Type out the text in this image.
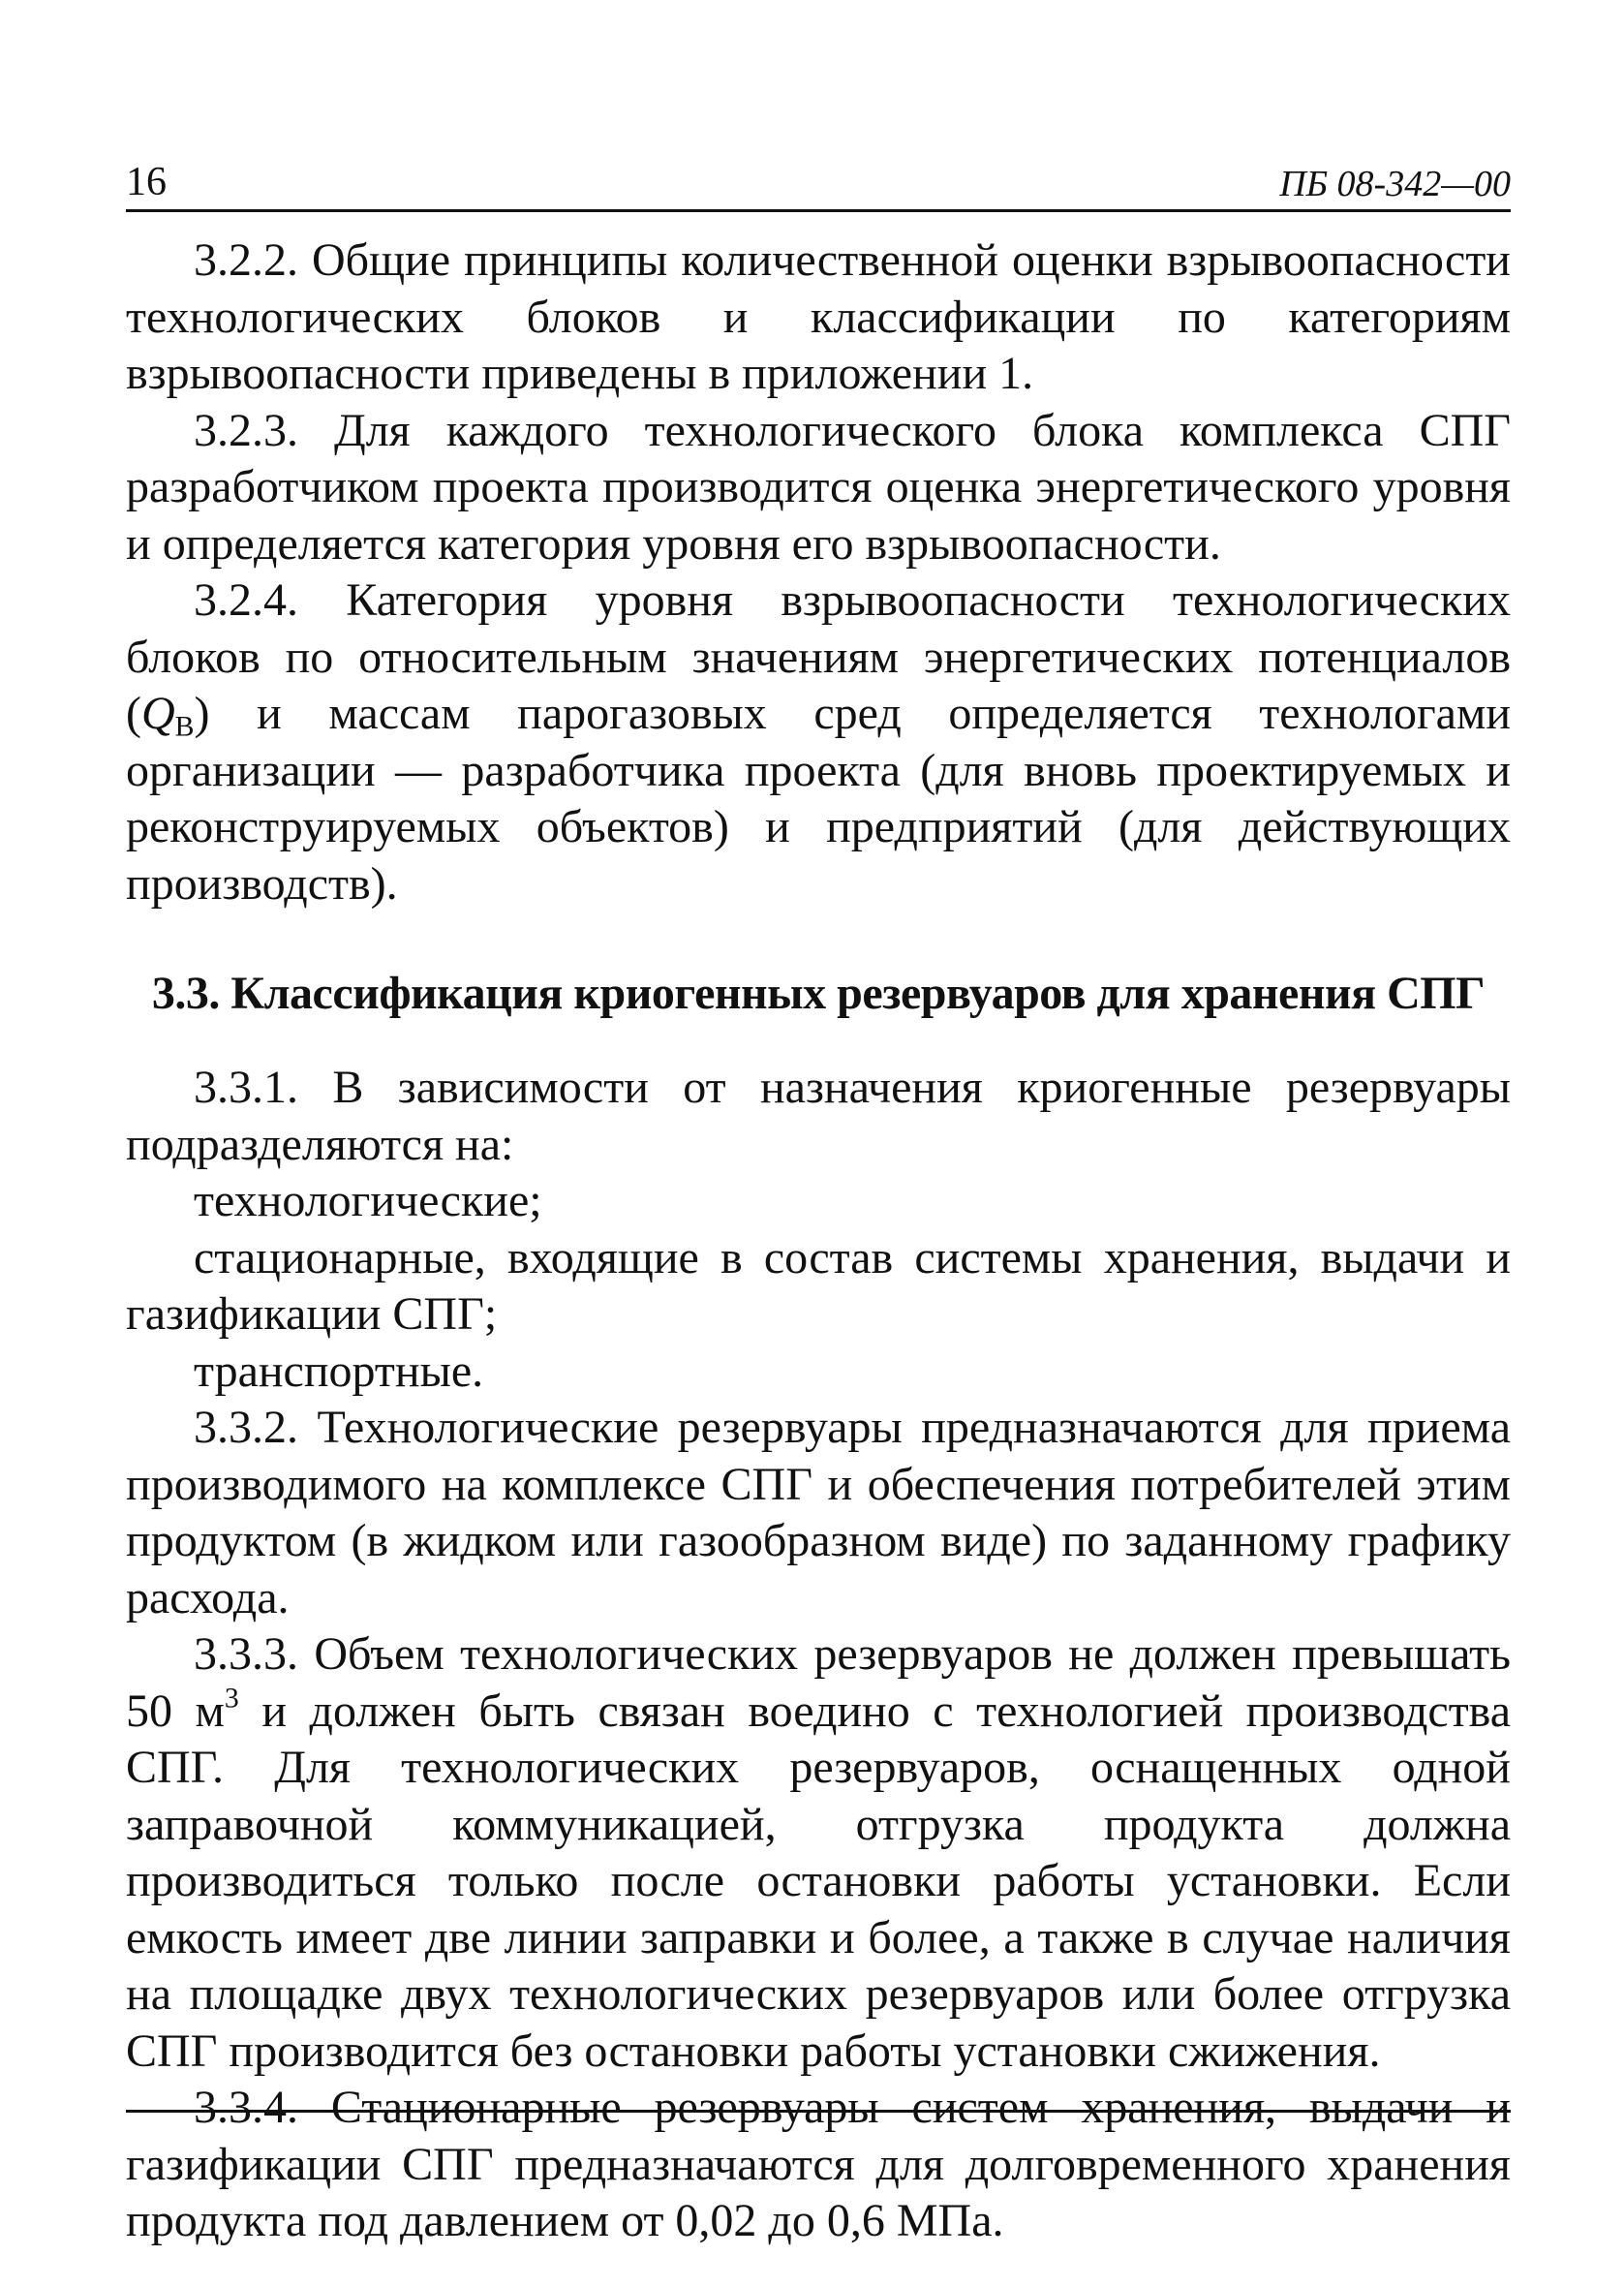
16	ПБ 08-342—00

3.2.2. Общие принципы количественной оценки взрывоопасности технологических блоков и классификации по категориям взрывоопасности приведены в приложении 1.

3.2.3. Для каждого технологического блока комплекса СПГ разработчиком проекта производится оценка энергетического уровня и определяется категория уровня его взрывоопасности.

3.2.4. Категория уровня взрывоопасности технологических блоков по относительным значениям энергетических потенциалов $(Q_В)$ и массам парогазовых сред определяется технологами организации — разработчика проекта (для вновь проектируемых и реконструируемых объектов) и предприятий (для действующих производств).

3.3. Классификация криогенных резервуаров для хранения СПГ

3.3.1. В зависимости от назначения криогенные резервуары подразделяются на:

технологические;

стационарные, входящие в состав системы хранения, выдачи и газификации СПГ;

транспортные.

3.3.2. Технологические резервуары предназначаются для приема производимого на комплексе СПГ и обеспечения потребителей этим продуктом (в жидком или газообразном виде) по заданному графику расхода.

3.3.3. Объем технологических резервуаров не должен превышать 50 $м^3$ и должен быть связан воедино с технологией производства СПГ. Для технологических резервуаров, оснащенных одной заправочной коммуникацией, отгрузка продукта должна производиться только после остановки работы установки. Если емкость имеет две линии заправки и более, а также в случае наличия на площадке двух технологических резервуаров или более отгрузка СПГ производится без остановки работы установки сжижения.

3.3.4. Стационарные резервуары систем хранения, выдачи и газификации СПГ предназначаются для долговременного хранения продукта под давлением от 0,02 до 0,6 МПа.
